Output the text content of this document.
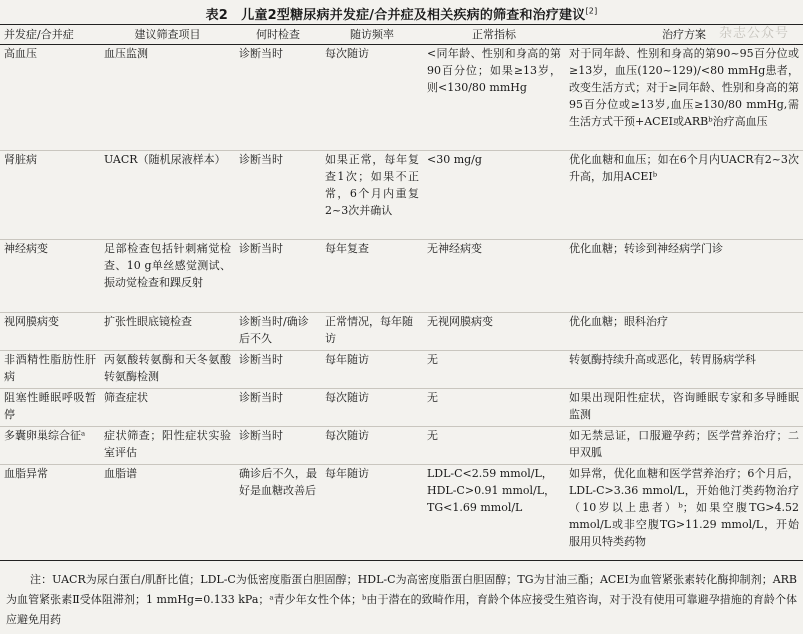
表2　儿童2型糖尿病并发症/合并症及相关疾病的筛查和治疗建议[2]
杂志公众号
并发症/合并症	建议筛查项目	何时检查	随访频率	正常指标	治疗方案
高血压	血压监测	诊断当时	每次随访	<同年龄、性别和身高的第90百分位；如果≥13岁，则<130/80 mmHg	对于同年龄、性别和身高的第90~95百分位或≥13岁，血压(120~129)/<80 mmHg患者，改变生活方式；对于≥同年龄、性别和身高的第95百分位或≥13岁,血压≥130/80 mmHg,需生活方式干预+ACEI或ARBᵇ治疗高血压
肾脏病	UACR（随机尿液样本）	诊断当时	如果正常，每年复查1次；如果不正常，6个月内重复2~3次并确认	<30 mg/g	优化血糖和血压；如在6个月内UACR有2~3次升高，加用ACEIᵇ
神经病变	足部检查包括针刺痛觉检查、10 g单丝感觉测试、振动觉检查和踝反射	诊断当时	每年复查	无神经病变	优化血糖；转诊到神经病学门诊
视网膜病变	扩张性眼底镜检查	诊断当时/确诊后不久	正常情况，每年随访	无视网膜病变	优化血糖；眼科治疗
非酒精性脂肪性肝病	丙氨酸转氨酶和天冬氨酸转氨酶检测	诊断当时	每年随访	无	转氨酶持续升高或恶化，转胃肠病学科
阻塞性睡眠呼吸暂停	筛查症状	诊断当时	每次随访	无	如果出现阳性症状，咨询睡眠专家和多导睡眠监测
多囊卵巢综合征ᵃ	症状筛查；阳性症状实验室评估	诊断当时	每次随访	无	如无禁忌证，口服避孕药；医学营养治疗；二甲双胍
血脂异常	血脂谱	确诊后不久，最好是血糖改善后	每年随访	LDL-C<2.59 mmol/L，HDL-C>0.91 mmol/L，TG<1.69 mmol/L	如异常，优化血糖和医学营养治疗；6个月后，LDL-C>3.36 mmol/L，开始他汀类药物治疗（10岁以上患者）ᵇ；如果空腹TG>4.52 mmol/L或非空腹TG>11.29 mmol/L，开始服用贝特类药物
注：UACR为尿白蛋白/肌酐比值；LDL-C为低密度脂蛋白胆固醇；HDL-C为高密度脂蛋白胆固醇；TG为甘油三酯；ACEI为血管紧张素转化酶抑制剂；ARB为血管紧张素Ⅱ受体阻滞剂；1 mmHg=0.133 kPa；ᵃ青少年女性个体；ᵇ由于潜在的致畸作用，育龄个体应接受生殖咨询，对于没有使用可靠避孕措施的育龄个体应避免用药
